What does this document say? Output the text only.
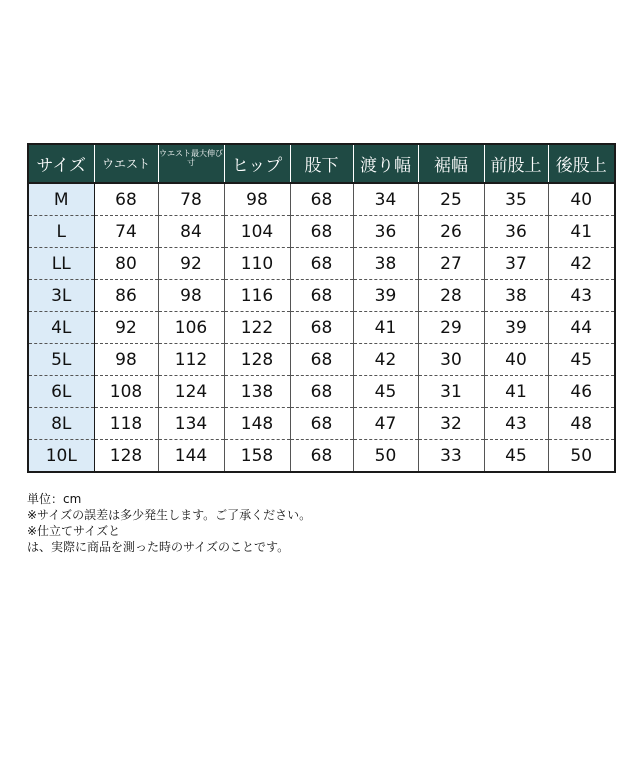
サイズ	ウエスト	ウエスト最大伸び寸	ヒップ	股下	渡り幅	裾幅	前股上	後股上
M	68	78	98	68	34	25	35	40
L	74	84	104	68	36	26	36	41
LL	80	92	110	68	38	27	37	42
3L	86	98	116	68	39	28	38	43
4L	92	106	122	68	41	29	39	44
5L	98	112	128	68	42	30	40	45
6L	108	124	138	68	45	31	41	46
8L	118	134	148	68	47	32	43	48
10L	128	144	158	68	50	33	45	50
単位：cm
※サイズの誤差は多少発生します。ご了承ください。
※仕立てサイズと
は、実際に商品を測った時のサイズのことです。
